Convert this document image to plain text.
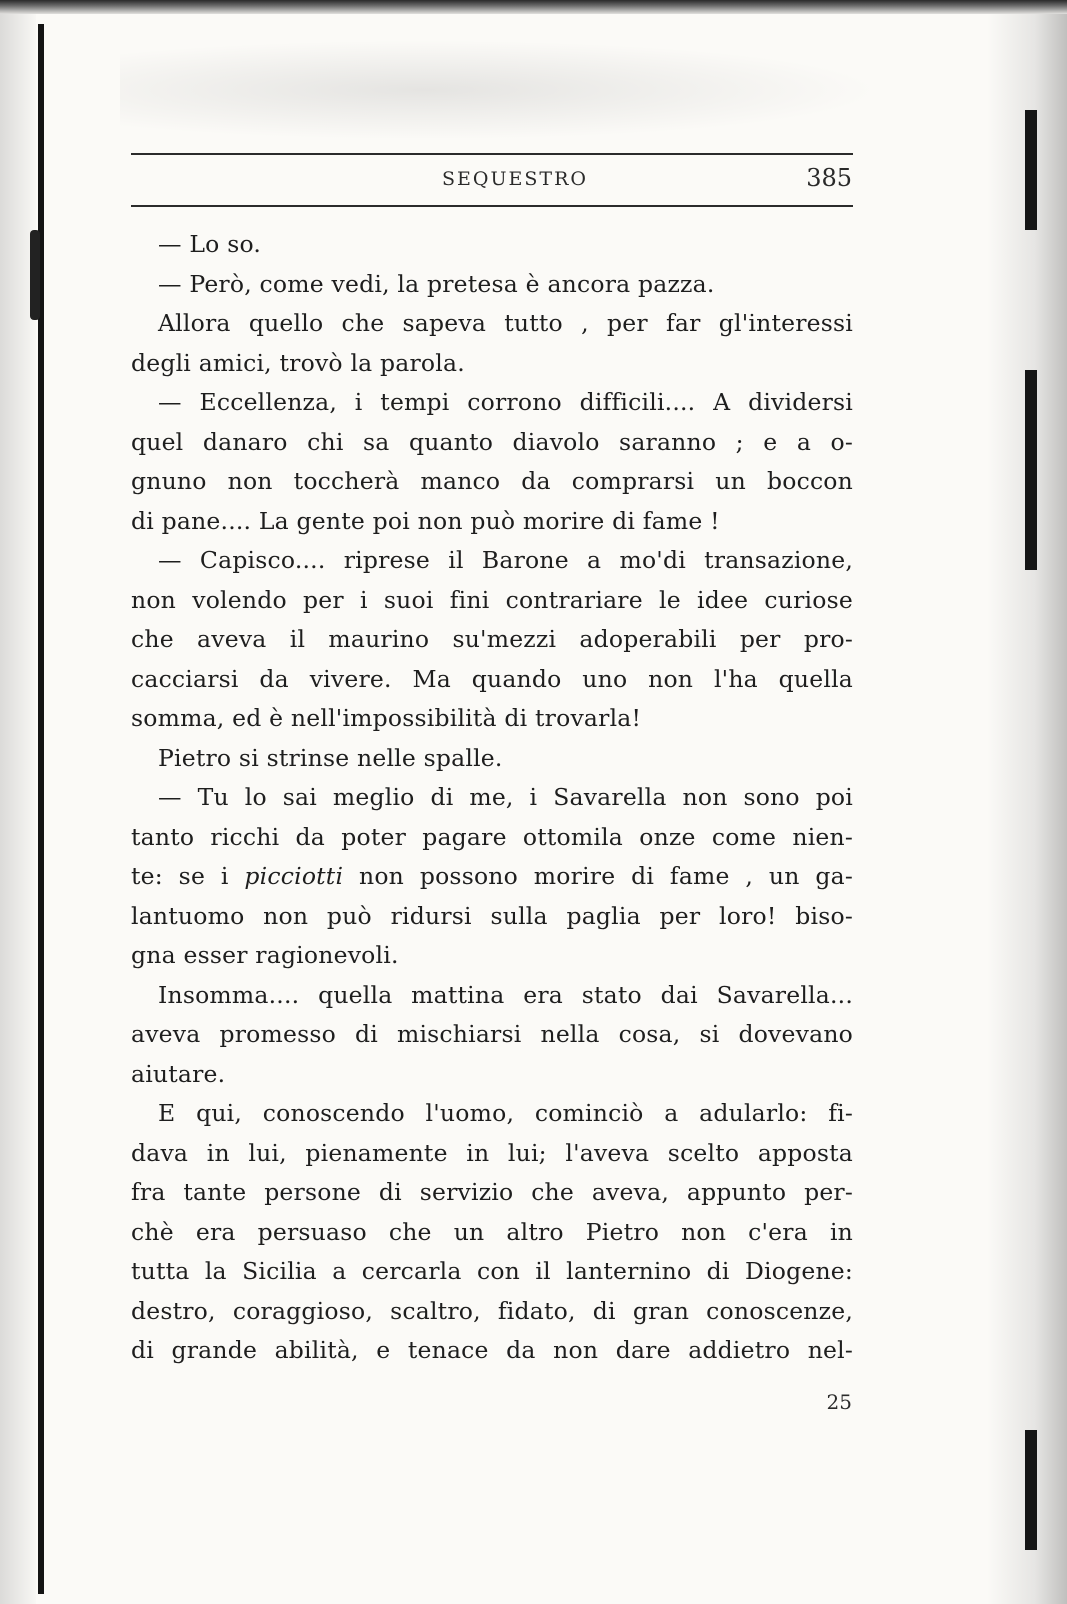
SEQUESTRO	385
— Lo so.
— Però, come vedi, la pretesa è ancora pazza.
Allora quello che sapeva tutto , per far gl'interessi
degli amici, trovò la parola.
— Eccellenza, i tempi corrono difficili.... A dividersi
quel danaro chi sa quanto diavolo saranno ; e a o-
gnuno non toccherà manco da comprarsi un boccon
di pane.... La gente poi non può morire di fame !
— Capisco.... riprese il Barone a mo'di transazione,
non volendo per i suoi fini contrariare le idee curiose
che aveva il maurino su'mezzi adoperabili per pro-
cacciarsi da vivere. Ma quando uno non l'ha quella
somma, ed è nell'impossibilità di trovarla!
Pietro si strinse nelle spalle.
— Tu lo sai meglio di me, i Savarella non sono poi
tanto ricchi da poter pagare ottomila onze come nien-
te: se i picciotti non possono morire di fame , un ga-
lantuomo non può ridursi sulla paglia per loro! biso-
gna esser ragionevoli.
Insomma.... quella mattina era stato dai Savarella...
aveva promesso di mischiarsi nella cosa, si dovevano
aiutare.
E qui, conoscendo l'uomo, cominciò a adularlo: fi-
dava in lui, pienamente in lui; l'aveva scelto apposta
fra tante persone di servizio che aveva, appunto per-
chè era persuaso che un altro Pietro non c'era in
tutta la Sicilia a cercarla con il lanternino di Diogene:
destro, coraggioso, scaltro, fidato, di gran conoscenze,
di grande abilità, e tenace da non dare addietro nel-
25
